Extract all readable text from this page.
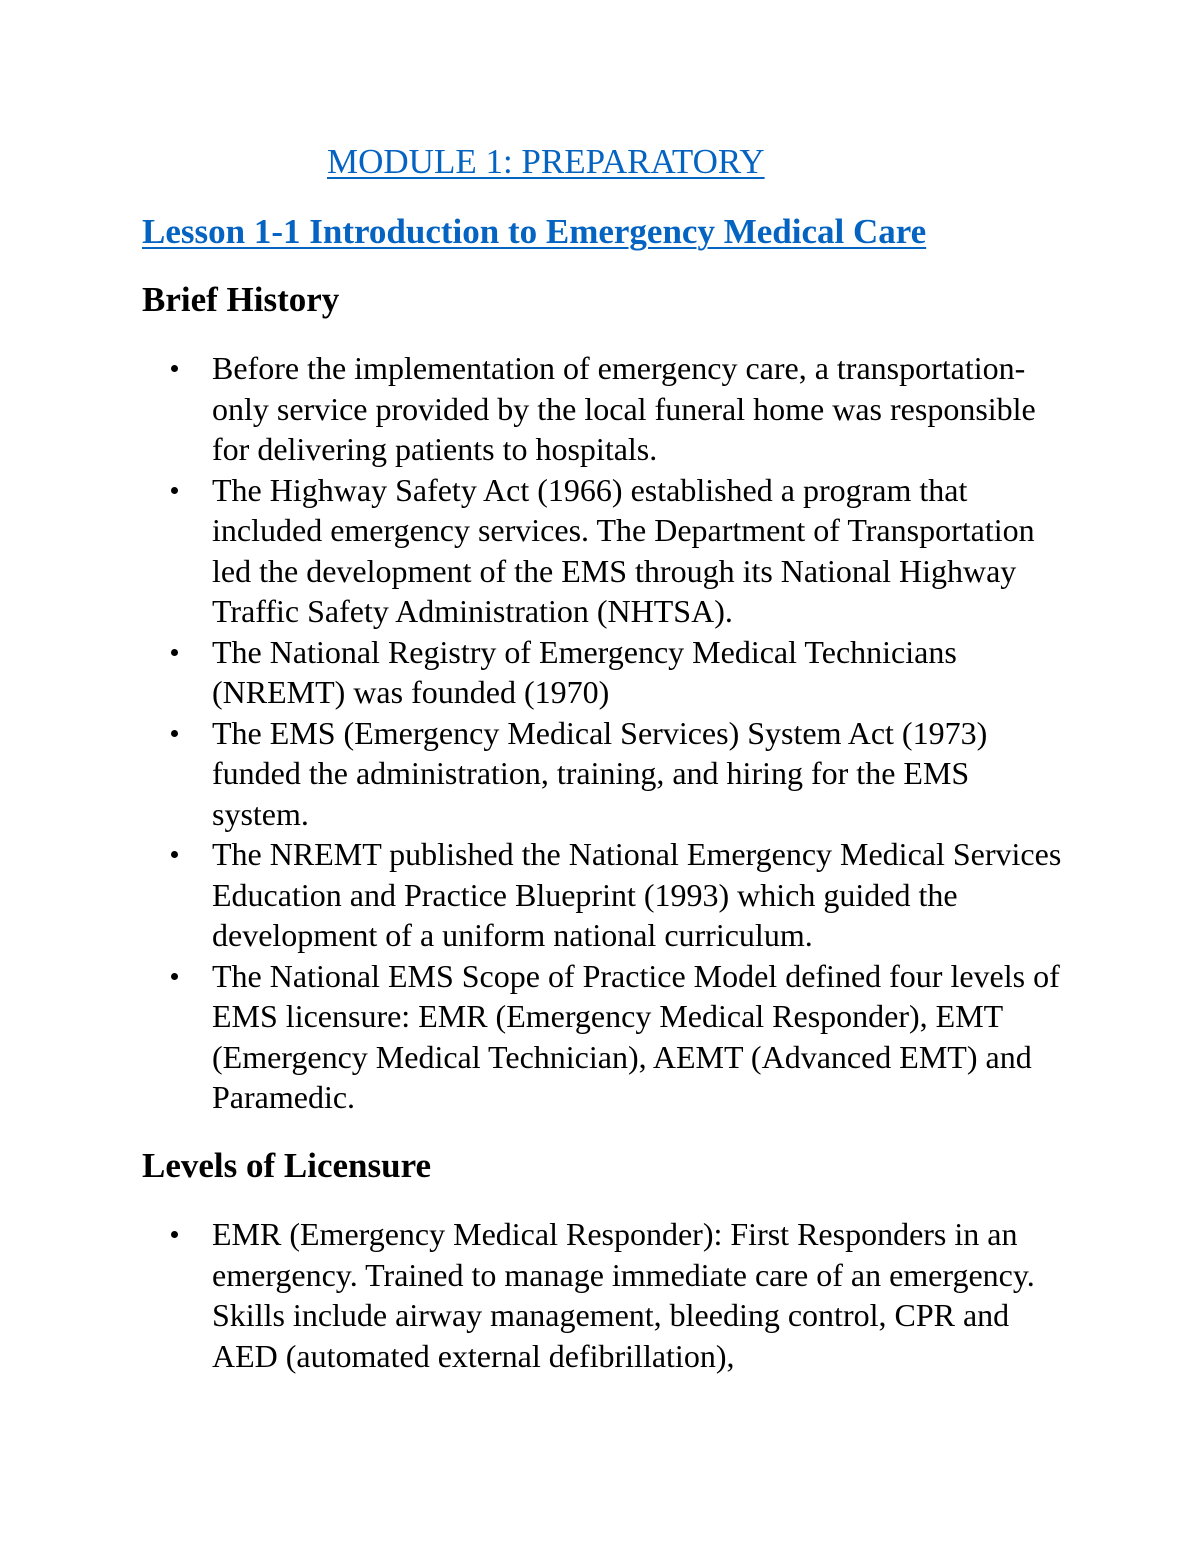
MODULE 1: PREPARATORY
Lesson 1-1 Introduction to Emergency Medical Care
Brief History
Before the implementation of emergency care, a transportation-only service provided by the local funeral home was responsible for delivering patients to hospitals.
The Highway Safety Act (1966) established a program that included emergency services. The Department of Transportation led the development of the EMS through its National Highway Traffic Safety Administration (NHTSA).
The National Registry of Emergency Medical Technicians (NREMT) was founded (1970)
The EMS (Emergency Medical Services) System Act (1973) funded the administration, training, and hiring for the EMS system.
The NREMT published the National Emergency Medical Services Education and Practice Blueprint (1993) which guided the development of a uniform national curriculum.
The National EMS Scope of Practice Model defined four levels of EMS licensure: EMR (Emergency Medical Responder), EMT (Emergency Medical Technician), AEMT (Advanced EMT) and Paramedic.
Levels of Licensure
EMR (Emergency Medical Responder): First Responders in an emergency. Trained to manage immediate care of an emergency. Skills include airway management, bleeding control, CPR and AED (automated external defibrillation),
